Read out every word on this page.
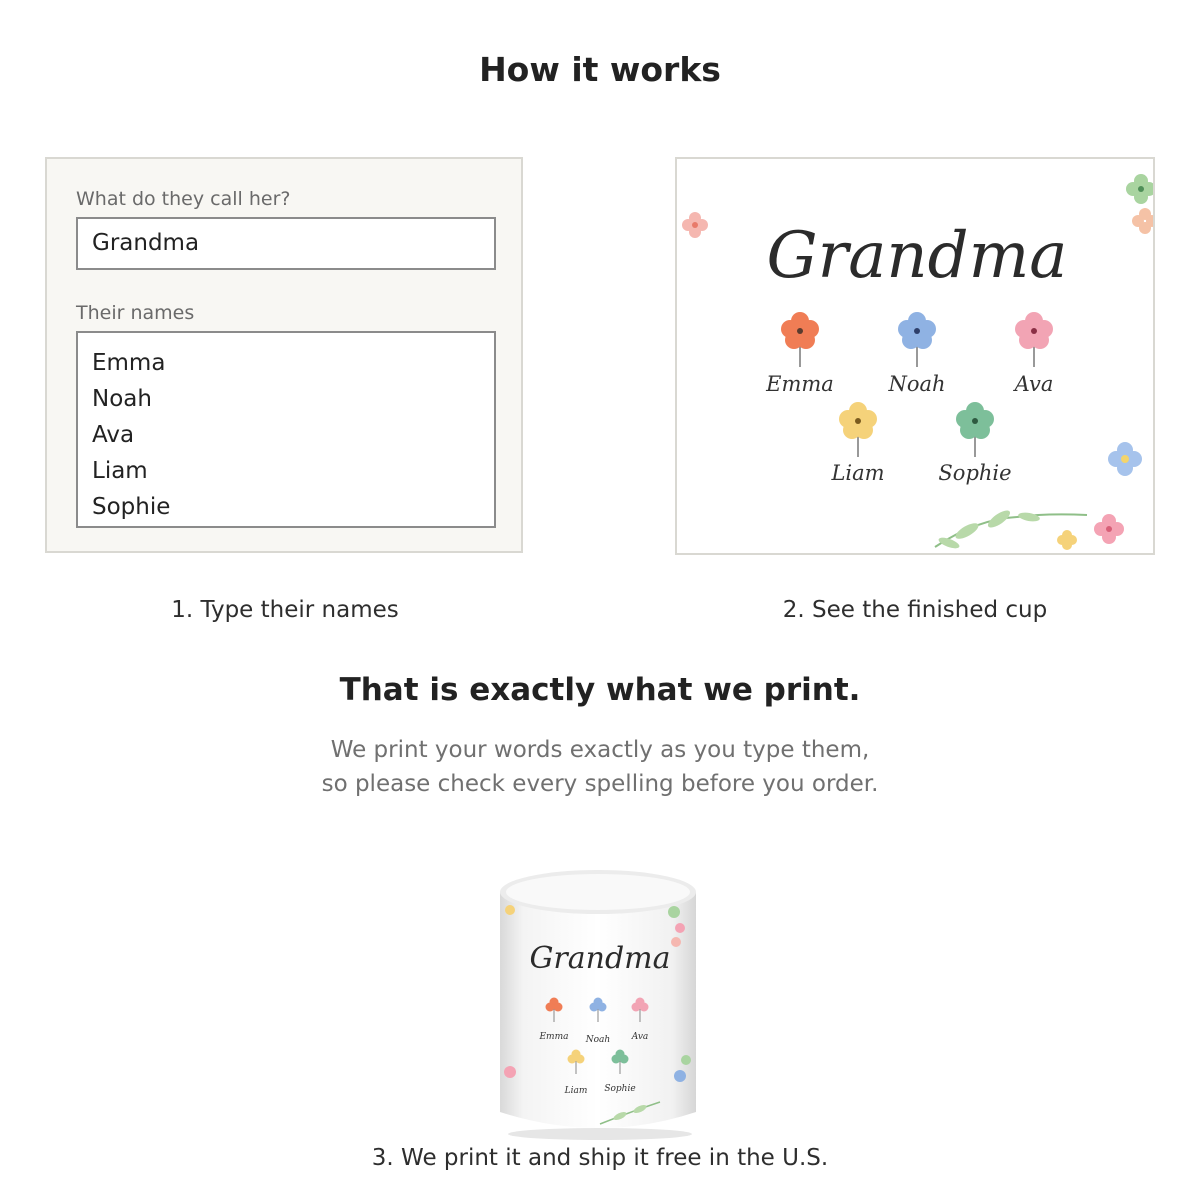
How it works
What do they call her?
Grandma
Their names
Emma
Noah
Ava
Liam
Sophie
Grandma
Emma	Noah	Ava
Liam	Sophie
1. Type their names	2. See the finished cup
That is exactly what we print.
We print your words exactly as you type them,
so please check every spelling before you order.
Grandma
Emma Noah Ava
Liam Sophie
3. We print it and ship it free in the U.S.
